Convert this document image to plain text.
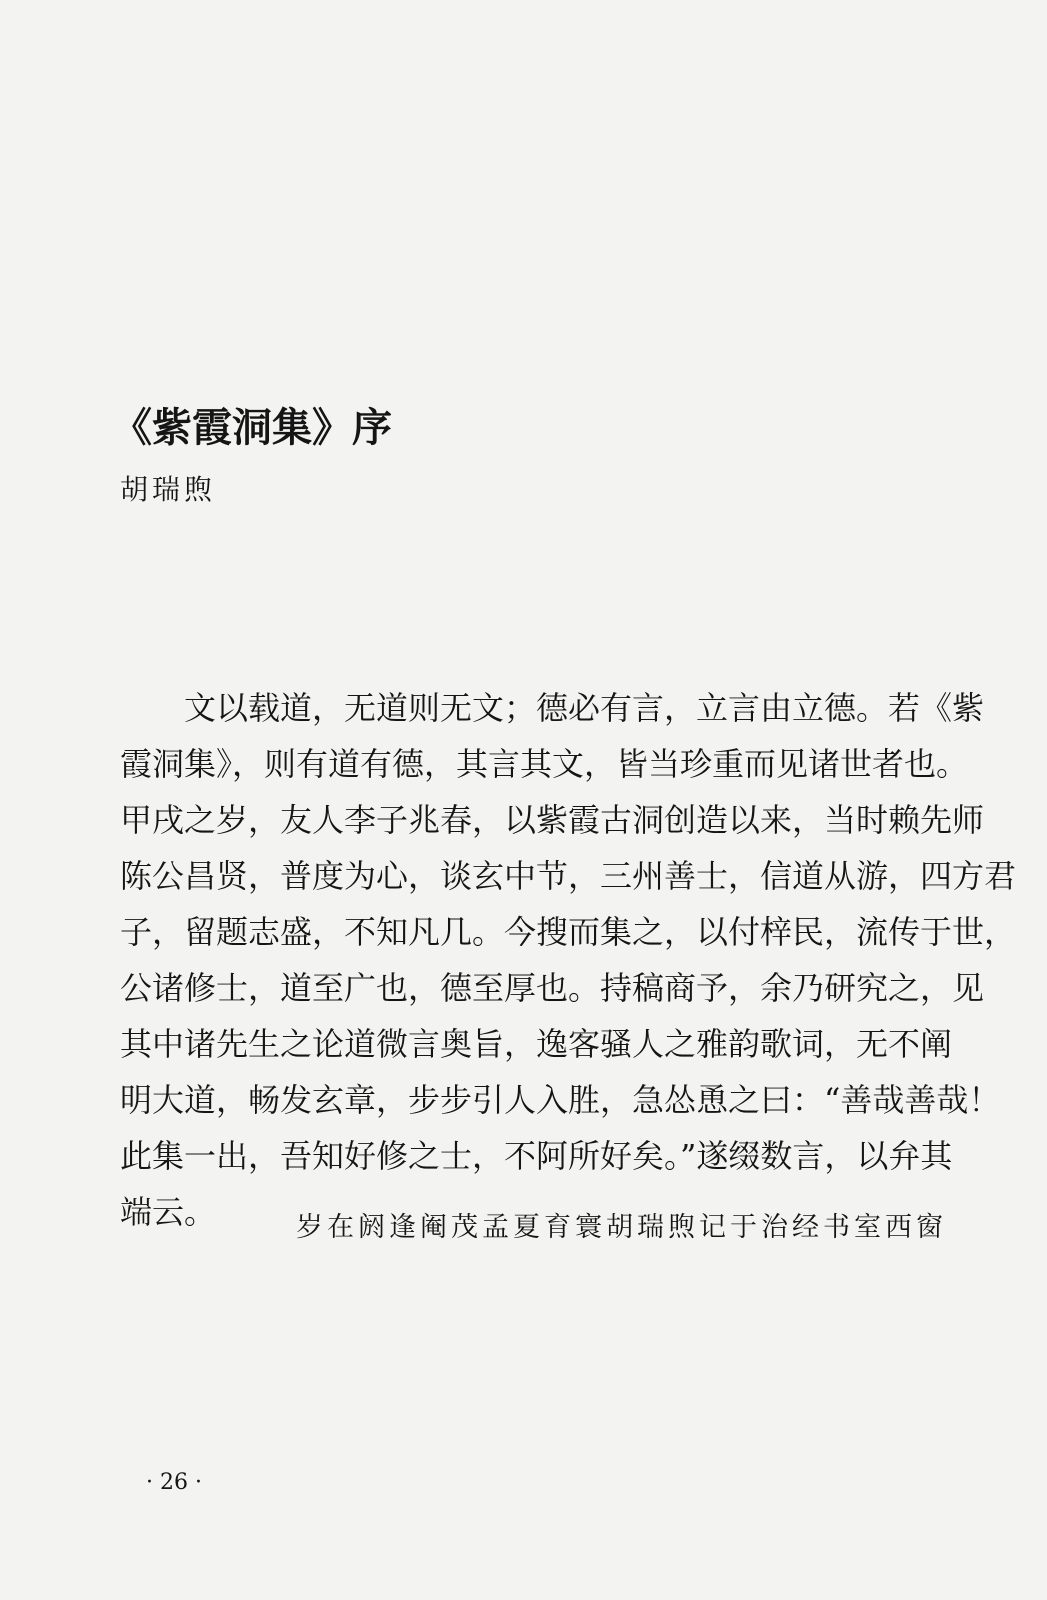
《紫霞洞集》序
胡瑞煦
文以载道，无道则无文；德必有言，立言由立德。若《紫
霞洞集》，则有道有德，其言其文，皆当珍重而见诸世者也。
甲戌之岁，友人李子兆春，以紫霞古洞创造以来，当时赖先师
陈公昌贤，普度为心，谈玄中节，三州善士，信道从游，四方君
子，留题志盛，不知凡几。今搜而集之，以付梓民，流传于世，
公诸修士，道至广也，德至厚也。持稿商予，余乃研究之，见
其中诸先生之论道微言奥旨，逸客骚人之雅韵歌词，无不阐
明大道，畅发玄章，步步引人入胜，急怂恿之曰：“善哉善哉！
此集一出，吾知好修之士，不阿所好矣。”遂缀数言，以弁其
端云。	岁在阏逢阉茂孟夏育寰胡瑞煦记于治经书室西窗
· 26 ·
